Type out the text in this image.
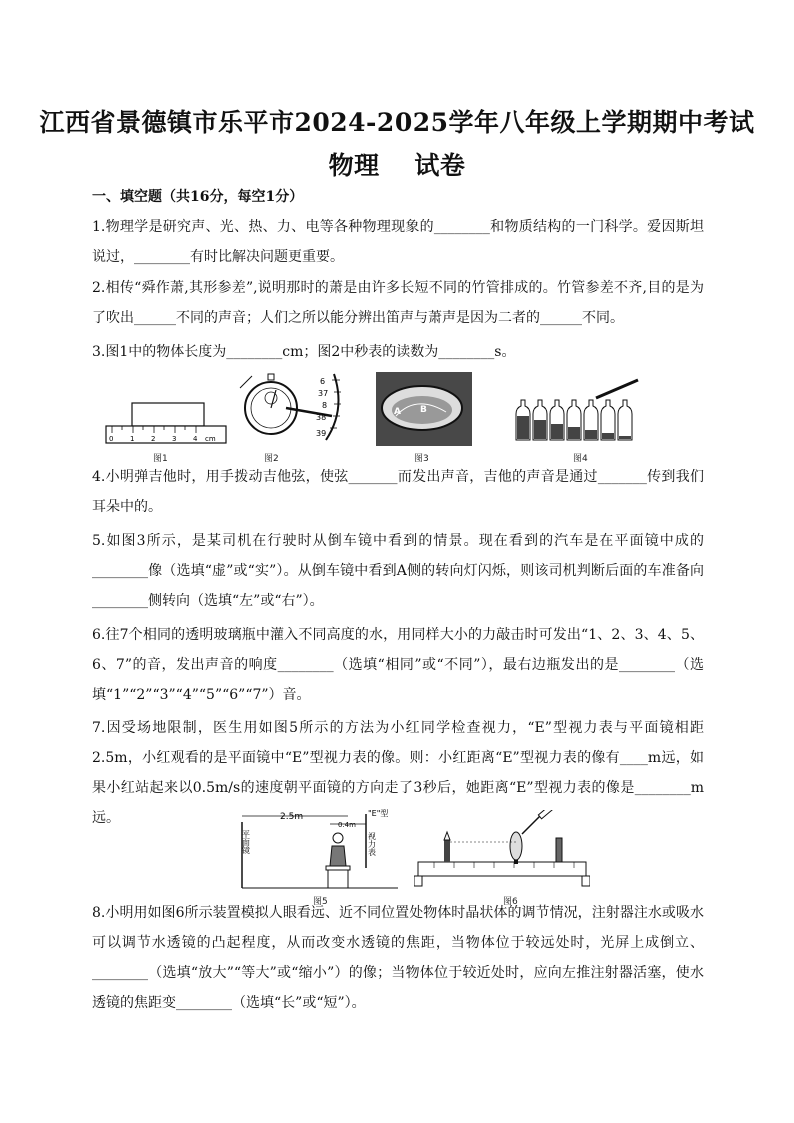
江西省景德镇市乐平市2024-2025学年八年级上学期期中考试
物理　 试卷
一、填空题（共16分，每空1分）
1.物理学是研究声、光、热、力、电等各种物理现象的________和物质结构的一门科学。爱因斯坦说过，________有时比解决问题更重要。
2.相传“舜作萧,其形参差”,说明那时的萧是由许多长短不同的竹管排成的。竹管参差不齐,目的是为了吹出______不同的声音；人们之所以能分辨出笛声与萧声是因为二者的______不同。
3.图1中的物体长度为________cm；图2中秒表的读数为________s。
0 1 2 3 4 cm
图1
6
37
8
38
39
图2
A B
图3	图4
4.小明弹吉他时，用手拨动吉他弦，使弦_______而发出声音，吉他的声音是通过_______传到我们耳朵中的。
5.如图3所示，是某司机在行驶时从倒车镜中看到的情景。现在看到的汽车是在平面镜中成的________像（选填“虚”或“实”）。从倒车镜中看到A侧的转向灯闪烁，则该司机判断后面的车准备向________侧转向（选填“左”或“右”）。
6.往7个相同的透明玻璃瓶中灌入不同高度的水，用同样大小的力敲击时可发出“1、2、3、4、5、6、7”的音，发出声音的响度________（选填“相同”或“不同”），最右边瓶发出的是________（选填“1”“2”“3”“4”“5”“6”“7”）音。
7.因受场地限制，医生用如图5所示的方法为小红同学检查视力，“E”型视力表与平面镜相距2.5m，小红观看的是平面镜中“E”型视力表的像。则：小红距离“E”型视力表的像有____m远，如果小红站起来以0.5m/s的速度朝平面镜的方向走了3秒后，她距离“E”型视力表的像是________m远。	2.5m
0.4m
"E"型
平面镜	视力表
图5	图6
8.小明用如图6所示装置模拟人眼看远、近不同位置处物体时晶状体的调节情况，注射器注水或吸水可以调节水透镜的凸起程度，从而改变水透镜的焦距，当物体位于较远处时，光屏上成倒立、________（选填“放大”“等大”或“缩小”）的像；当物体位于较近处时，应向左推注射器活塞，使水透镜的焦距变________（选填“长”或“短”）。
